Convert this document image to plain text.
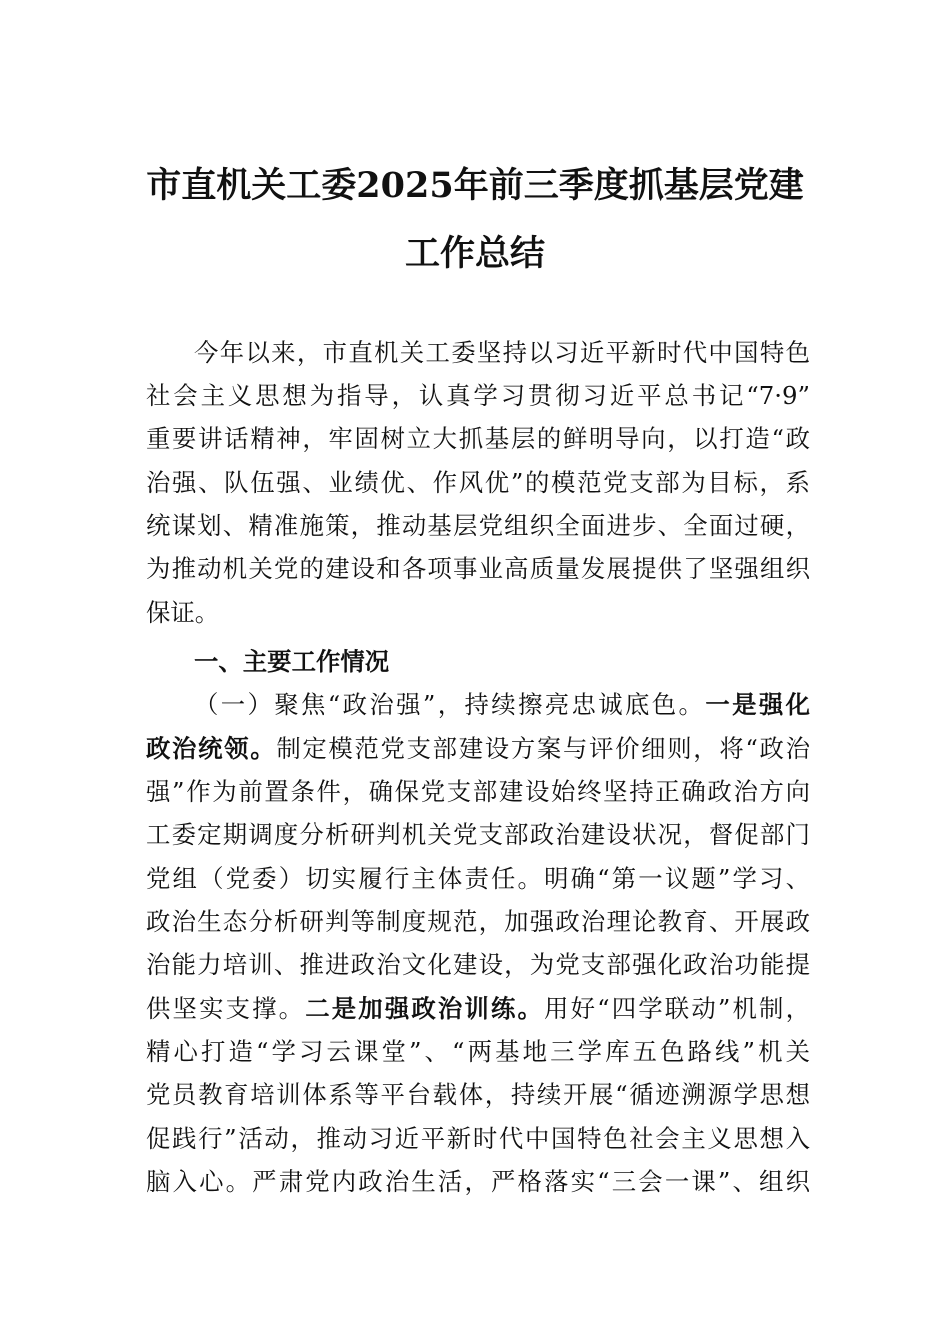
市直机关工委2025年前三季度抓基层党建
工作总结
今年以来，市直机关工委坚持以习近平新时代中国特色
社会主义思想为指导，认真学习贯彻习近平总书记“7·9”
重要讲话精神，牢固树立大抓基层的鲜明导向，以打造“政
治强、队伍强、业绩优、作风优”的模范党支部为目标，系
统谋划、精准施策，推动基层党组织全面进步、全面过硬，
为推动机关党的建设和各项事业高质量发展提供了坚强组织
保证。
一、主要工作情况
（一）聚焦“政治强”，持续擦亮忠诚底色。一是强化
政治统领。制定模范党支部建设方案与评价细则，将“政治
强”作为前置条件，确保党支部建设始终坚持正确政治方向
工委定期调度分析研判机关党支部政治建设状况，督促部门
党组（党委）切实履行主体责任。明确“第一议题”学习、
政治生态分析研判等制度规范，加强政治理论教育、开展政
治能力培训、推进政治文化建设，为党支部强化政治功能提
供坚实支撑。二是加强政治训练。用好“四学联动”机制，
精心打造“学习云课堂”、“两基地三学库五色路线”机关
党员教育培训体系等平台载体，持续开展“循迹溯源学思想
促践行”活动，推动习近平新时代中国特色社会主义思想入
脑入心。严肃党内政治生活，严格落实“三会一课”、组织
